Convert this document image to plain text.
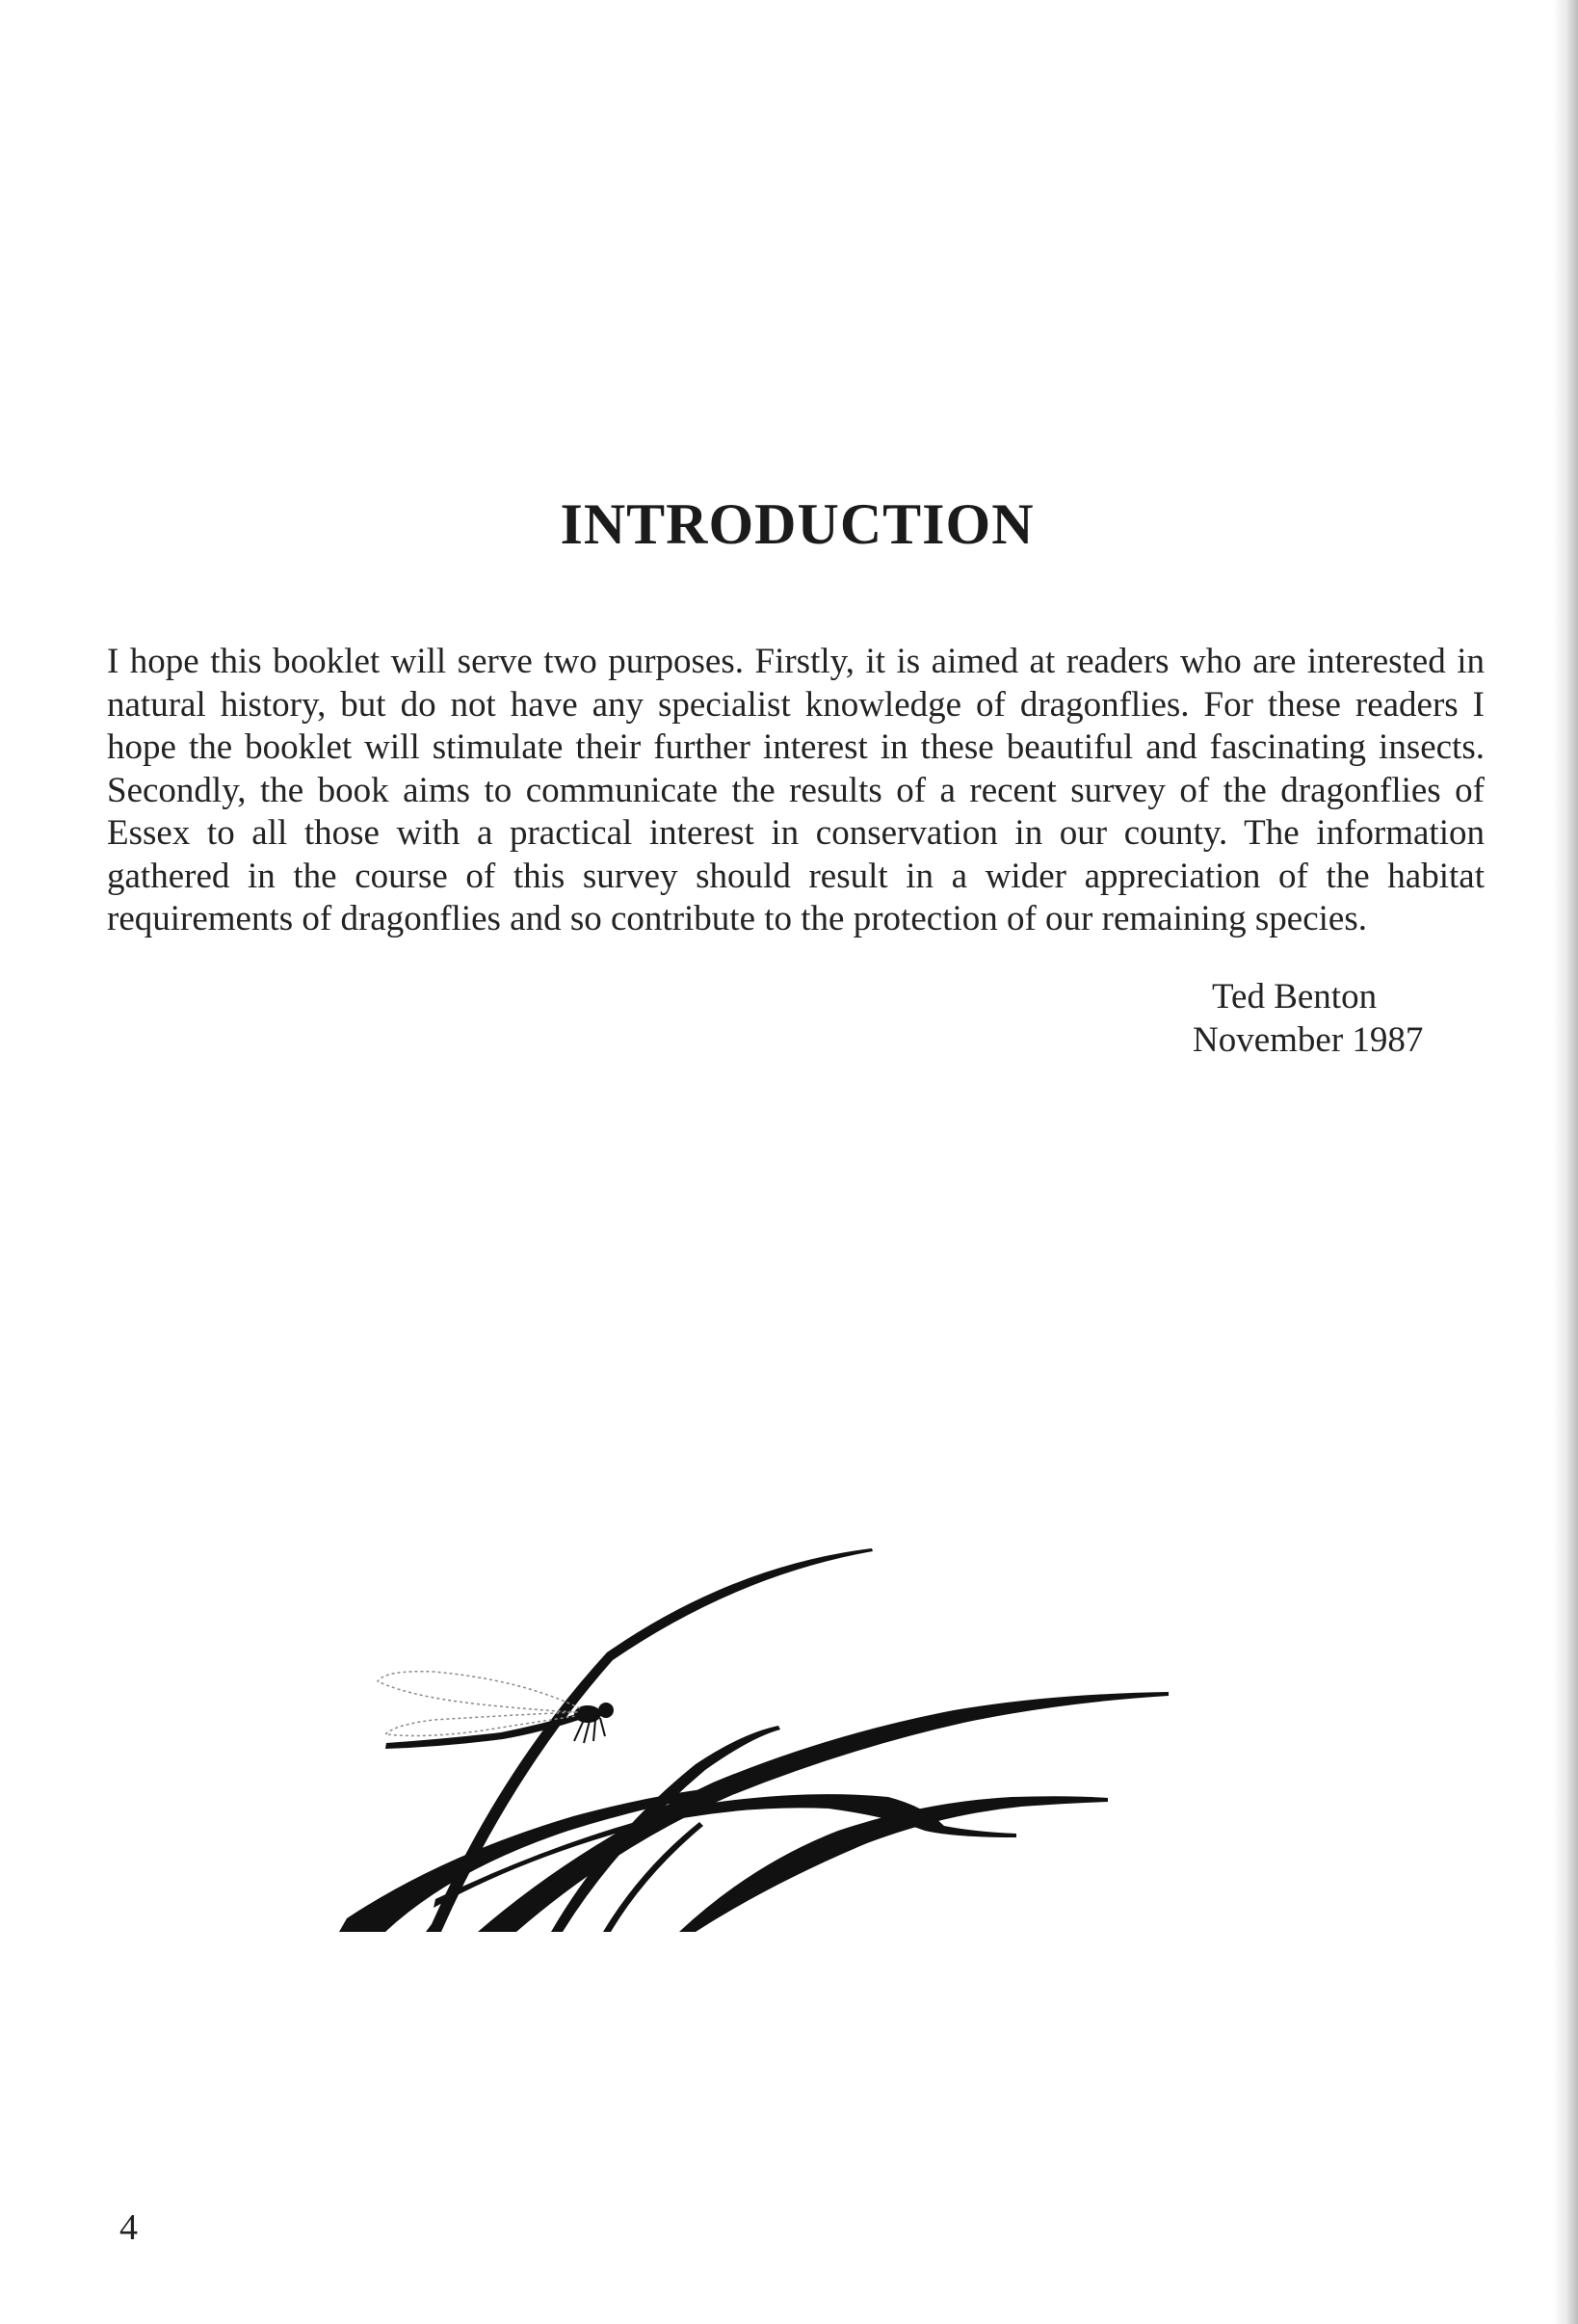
INTRODUCTION

I hope this booklet will serve two purposes. Firstly, it is aimed at readers who are interested in natural history, but do not have any specialist knowledge of dragonflies. For these readers I hope the booklet will stimulate their further interest in these beautiful and fascinating insects. Secondly, the book aims to communicate the results of a recent survey of the dragonflies of Essex to all those with a practical interest in conservation in our county. The information gathered in the course of this survey should result in a wider appreciation of the habitat requirements of dragonflies and so contribute to the protection of our remaining species.

Ted Benton
November 1987
4
